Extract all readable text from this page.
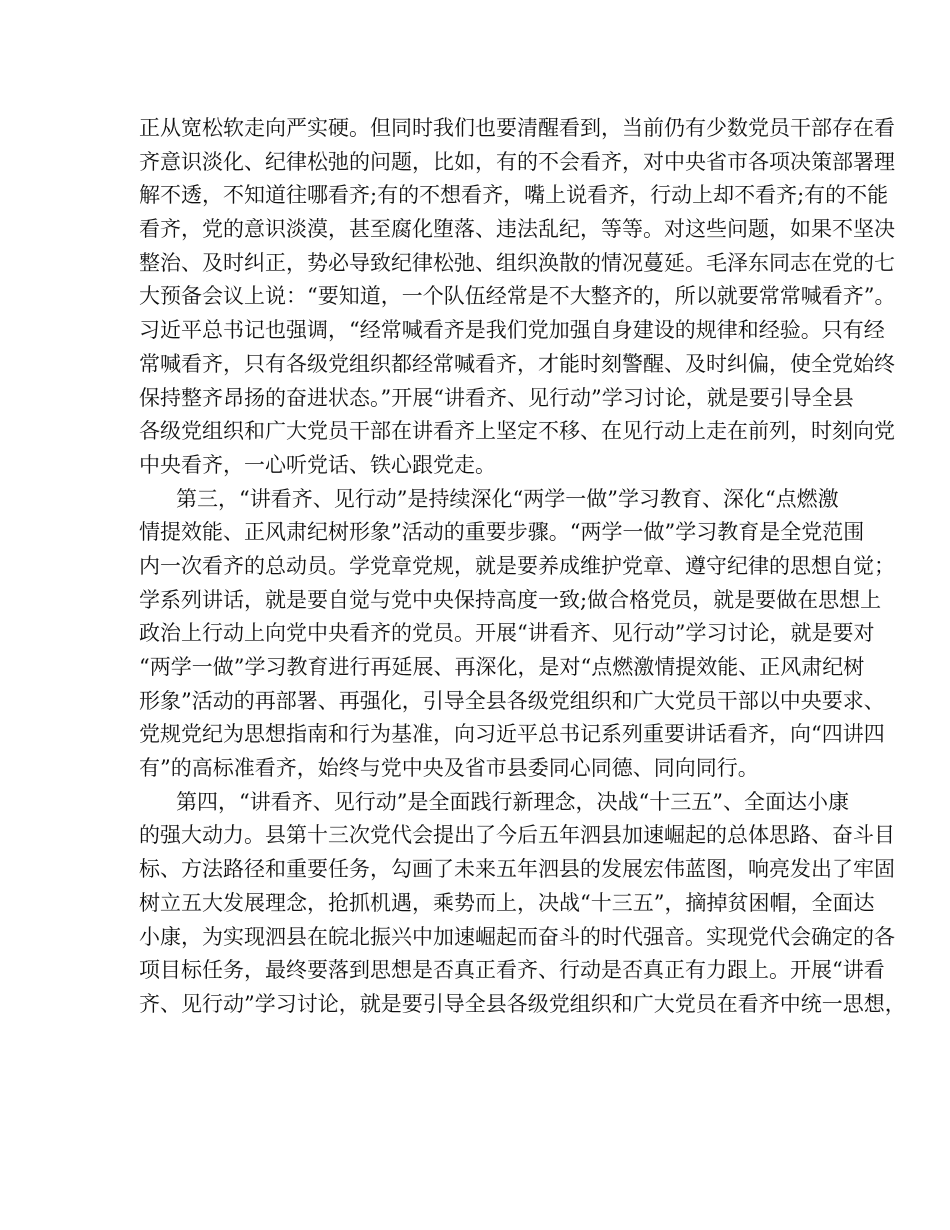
正从宽松软走向严实硬。但同时我们也要清醒看到，当前仍有少数党员干部存在看
齐意识淡化、纪律松弛的问题，比如，有的不会看齐，对中央省市各项决策部署理
解不透，不知道往哪看齐;有的不想看齐，嘴上说看齐，行动上却不看齐;有的不能
看齐，党的意识淡漠，甚至腐化堕落、违法乱纪，等等。对这些问题，如果不坚决
整治、及时纠正，势必导致纪律松弛、组织涣散的情况蔓延。毛泽东同志在党的七
大预备会议上说：“要知道，一个队伍经常是不大整齐的，所以就要常常喊看齐”。
习近平总书记也强调，“经常喊看齐是我们党加强自身建设的规律和经验。只有经
常喊看齐，只有各级党组织都经常喊看齐，才能时刻警醒、及时纠偏，使全党始终
保持整齐昂扬的奋进状态。”开展“讲看齐、见行动”学习讨论，就是要引导全县
各级党组织和广大党员干部在讲看齐上坚定不移、在见行动上走在前列，时刻向党
中央看齐，一心听党话、铁心跟党走。
第三，“讲看齐、见行动”是持续深化“两学一做”学习教育、深化“点燃激
情提效能、正风肃纪树形象”活动的重要步骤。“两学一做”学习教育是全党范围
内一次看齐的总动员。学党章党规，就是要养成维护党章、遵守纪律的思想自觉；
学系列讲话，就是要自觉与党中央保持高度一致;做合格党员，就是要做在思想上
政治上行动上向党中央看齐的党员。开展“讲看齐、见行动”学习讨论，就是要对
“两学一做”学习教育进行再延展、再深化，是对“点燃激情提效能、正风肃纪树
形象”活动的再部署、再强化，引导全县各级党组织和广大党员干部以中央要求、
党规党纪为思想指南和行为基准，向习近平总书记系列重要讲话看齐，向“四讲四
有”的高标准看齐，始终与党中央及省市县委同心同德、同向同行。
第四，“讲看齐、见行动”是全面践行新理念，决战“十三五”、全面达小康
的强大动力。县第十三次党代会提出了今后五年泗县加速崛起的总体思路、奋斗目
标、方法路径和重要任务，勾画了未来五年泗县的发展宏伟蓝图，响亮发出了牢固
树立五大发展理念，抢抓机遇，乘势而上，决战“十三五”，摘掉贫困帽，全面达
小康，为实现泗县在皖北振兴中加速崛起而奋斗的时代强音。实现党代会确定的各
项目标任务，最终要落到思想是否真正看齐、行动是否真正有力跟上。开展“讲看
齐、见行动”学习讨论，就是要引导全县各级党组织和广大党员在看齐中统一思想，
